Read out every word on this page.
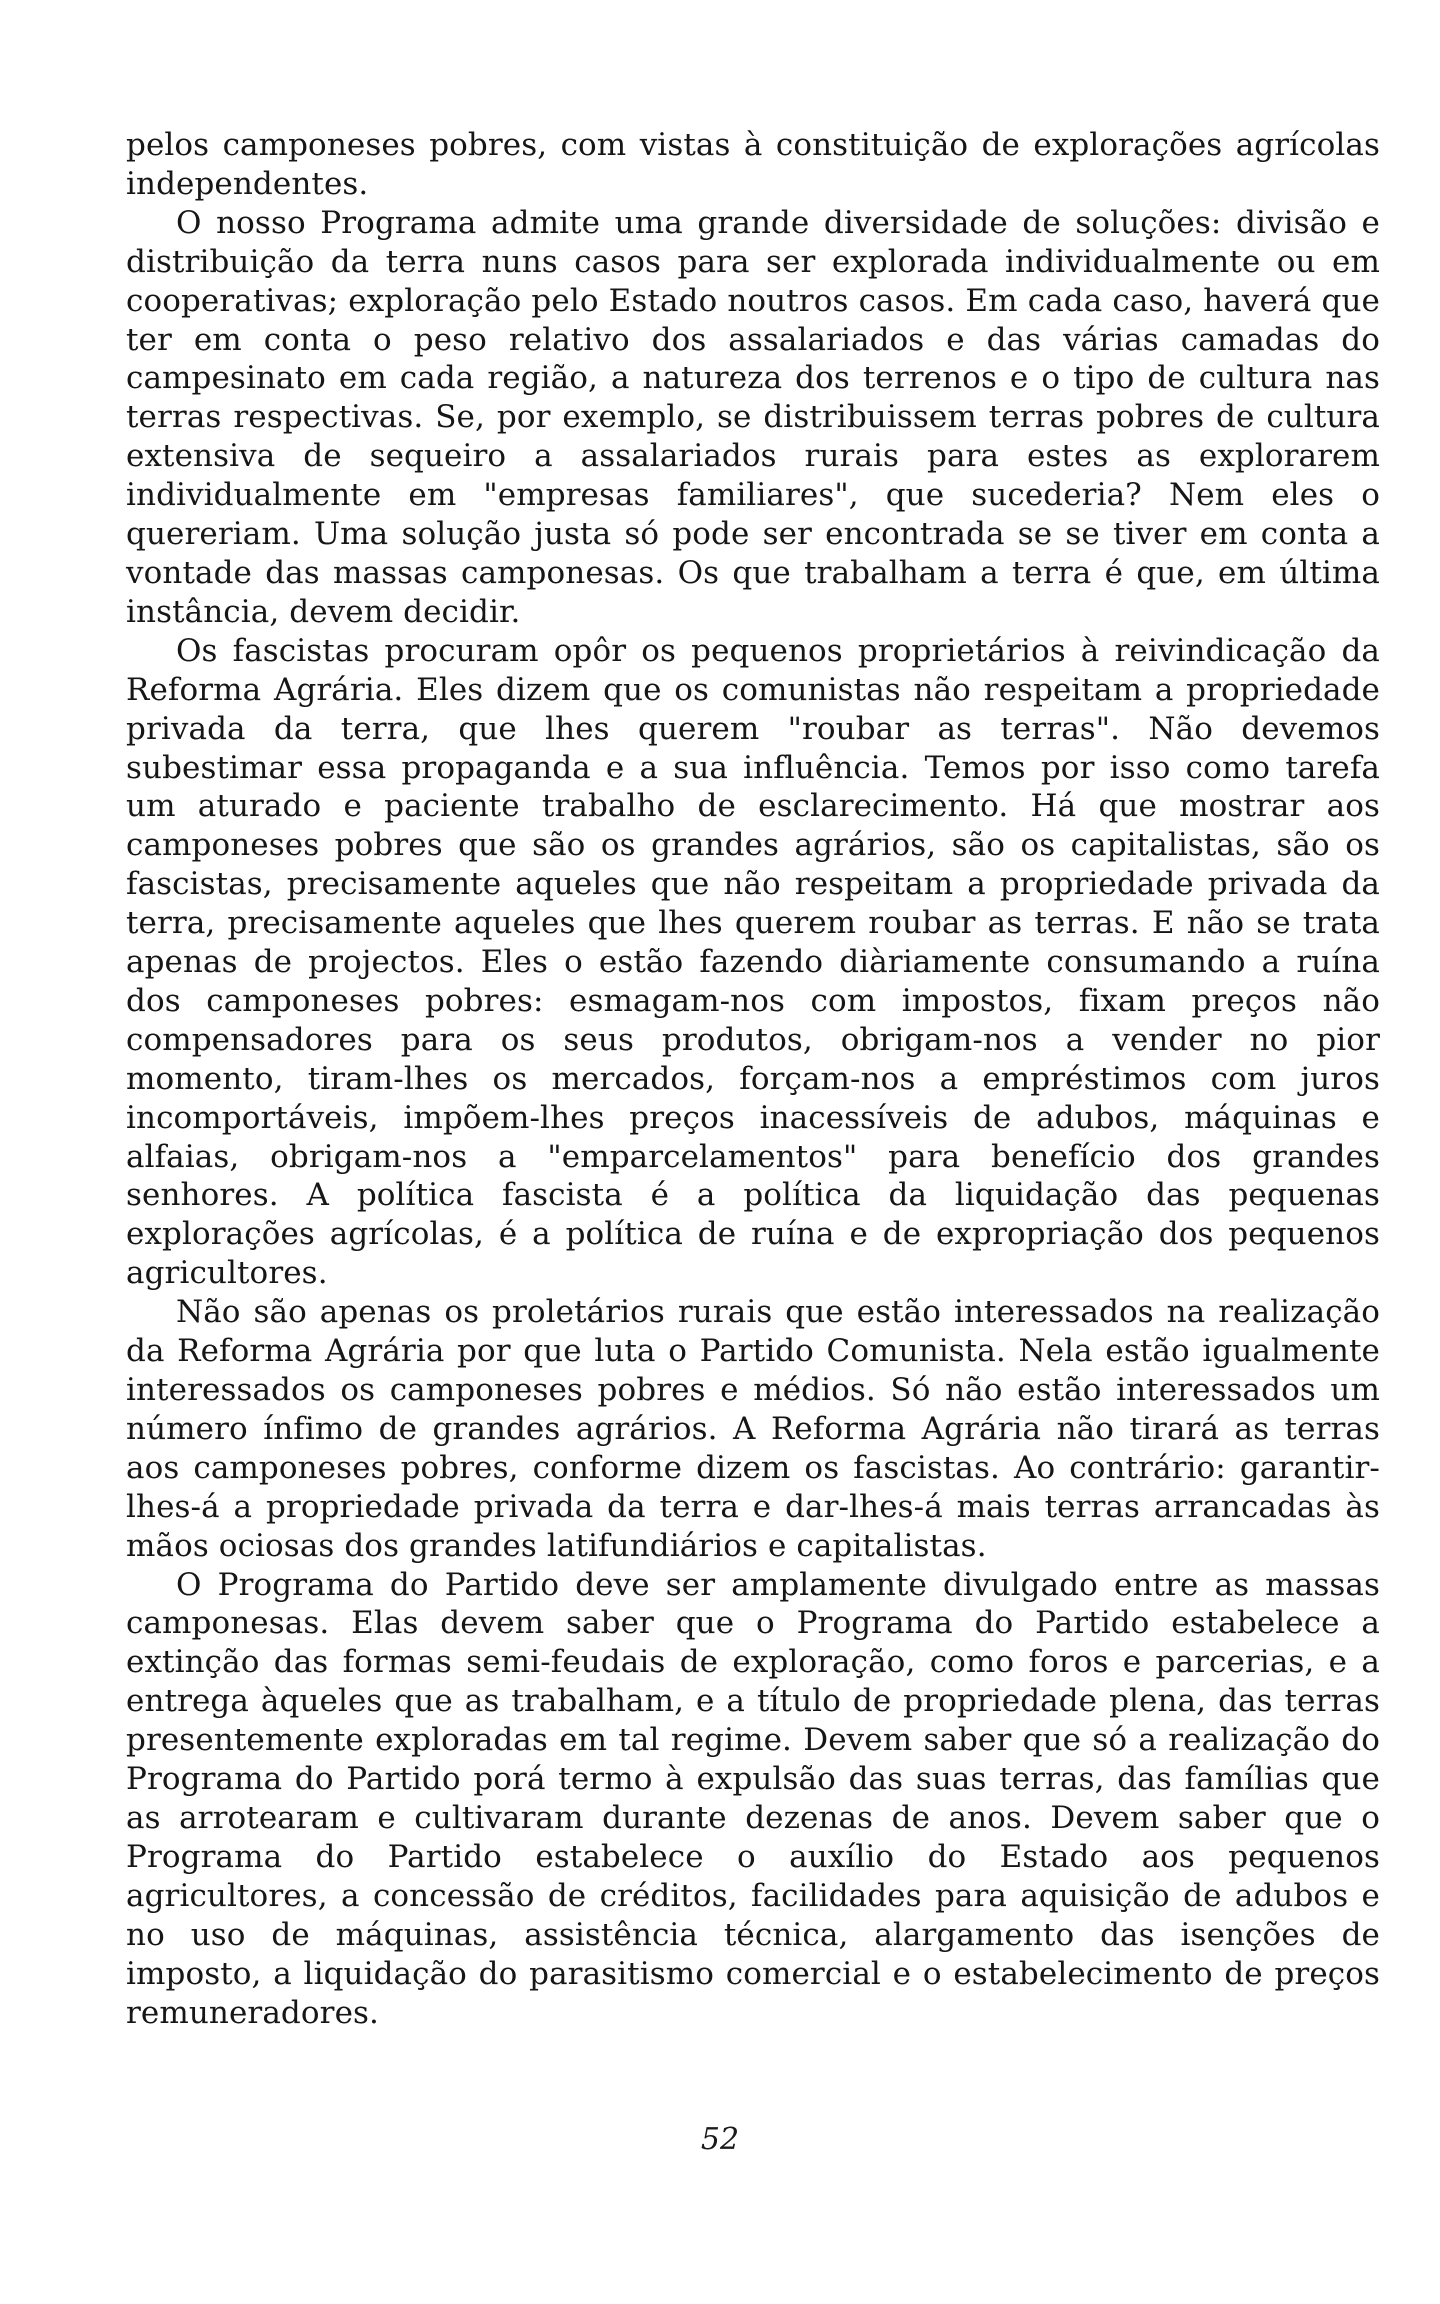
pelos camponeses pobres, com vistas à constituição de explorações agrícolas independentes.

O nosso Programa admite uma grande diversidade de soluções: divisão e distribuição da terra nuns casos para ser explorada individualmente ou em cooperativas; exploração pelo Estado noutros casos. Em cada caso, haverá que ter em conta o peso relativo dos assalariados e das várias camadas do campesinato em cada região, a natureza dos terrenos e o tipo de cultura nas terras respectivas. Se, por exemplo, se distribuissem terras pobres de cultura extensiva de sequeiro a assalariados rurais para estes as explorarem individualmente em "empresas familiares", que sucederia? Nem eles o quereriam. Uma solução justa só pode ser encontrada se se tiver em conta a vontade das massas camponesas. Os que trabalham a terra é que, em última instância, devem decidir.

Os fascistas procuram opôr os pequenos proprietários à reivindicação da Reforma Agrária. Eles dizem que os comunistas não respeitam a propriedade privada da terra, que lhes querem "roubar as terras". Não devemos subestimar essa propaganda e a sua influência. Temos por isso como tarefa um aturado e paciente trabalho de esclarecimento. Há que mostrar aos camponeses pobres que são os grandes agrários, são os capitalistas, são os fascistas, precisamente aqueles que não respeitam a propriedade privada da terra, precisamente aqueles que lhes querem roubar as terras. E não se trata apenas de projectos. Eles o estão fazendo diàriamente consumando a ruína dos camponeses pobres: esmagam-nos com impostos, fixam preços não compensadores para os seus produtos, obrigam-nos a vender no pior momento, tiram-lhes os mercados, forçam-nos a empréstimos com juros incomportáveis, impõem-lhes preços inacessíveis de adubos, máquinas e alfaias, obrigam-nos a "emparcelamentos" para benefício dos grandes senhores. A política fascista é a política da liquidação das pequenas explorações agrícolas, é a política de ruína e de expropriação dos pequenos agricultores.

Não são apenas os proletários rurais que estão interessados na realização da Reforma Agrária por que luta o Partido Comunista. Nela estão igualmente interessados os camponeses pobres e médios. Só não estão interessados um número ínfimo de grandes agrários. A Reforma Agrária não tirará as terras aos camponeses pobres, conforme dizem os fascistas. Ao contrário: garantir-lhes-á a propriedade privada da terra e dar-lhes-á mais terras arrancadas às mãos ociosas dos grandes latifundiários e capitalistas.

O Programa do Partido deve ser amplamente divulgado entre as massas camponesas. Elas devem saber que o Programa do Partido estabelece a extinção das formas semi-feudais de exploração, como foros e parcerias, e a entrega àqueles que as trabalham, e a título de propriedade plena, das terras presentemente exploradas em tal regime. Devem saber que só a realização do Programa do Partido porá termo à expulsão das suas terras, das famílias que as arrotearam e cultivaram durante dezenas de anos. Devem saber que o Programa do Partido estabelece o auxílio do Estado aos pequenos agricultores, a concessão de créditos, facilidades para aquisição de adubos e no uso de máquinas, assistência técnica, alargamento das isenções de imposto, a liquidação do parasitismo comercial e o estabelecimento de preços remuneradores.

52
